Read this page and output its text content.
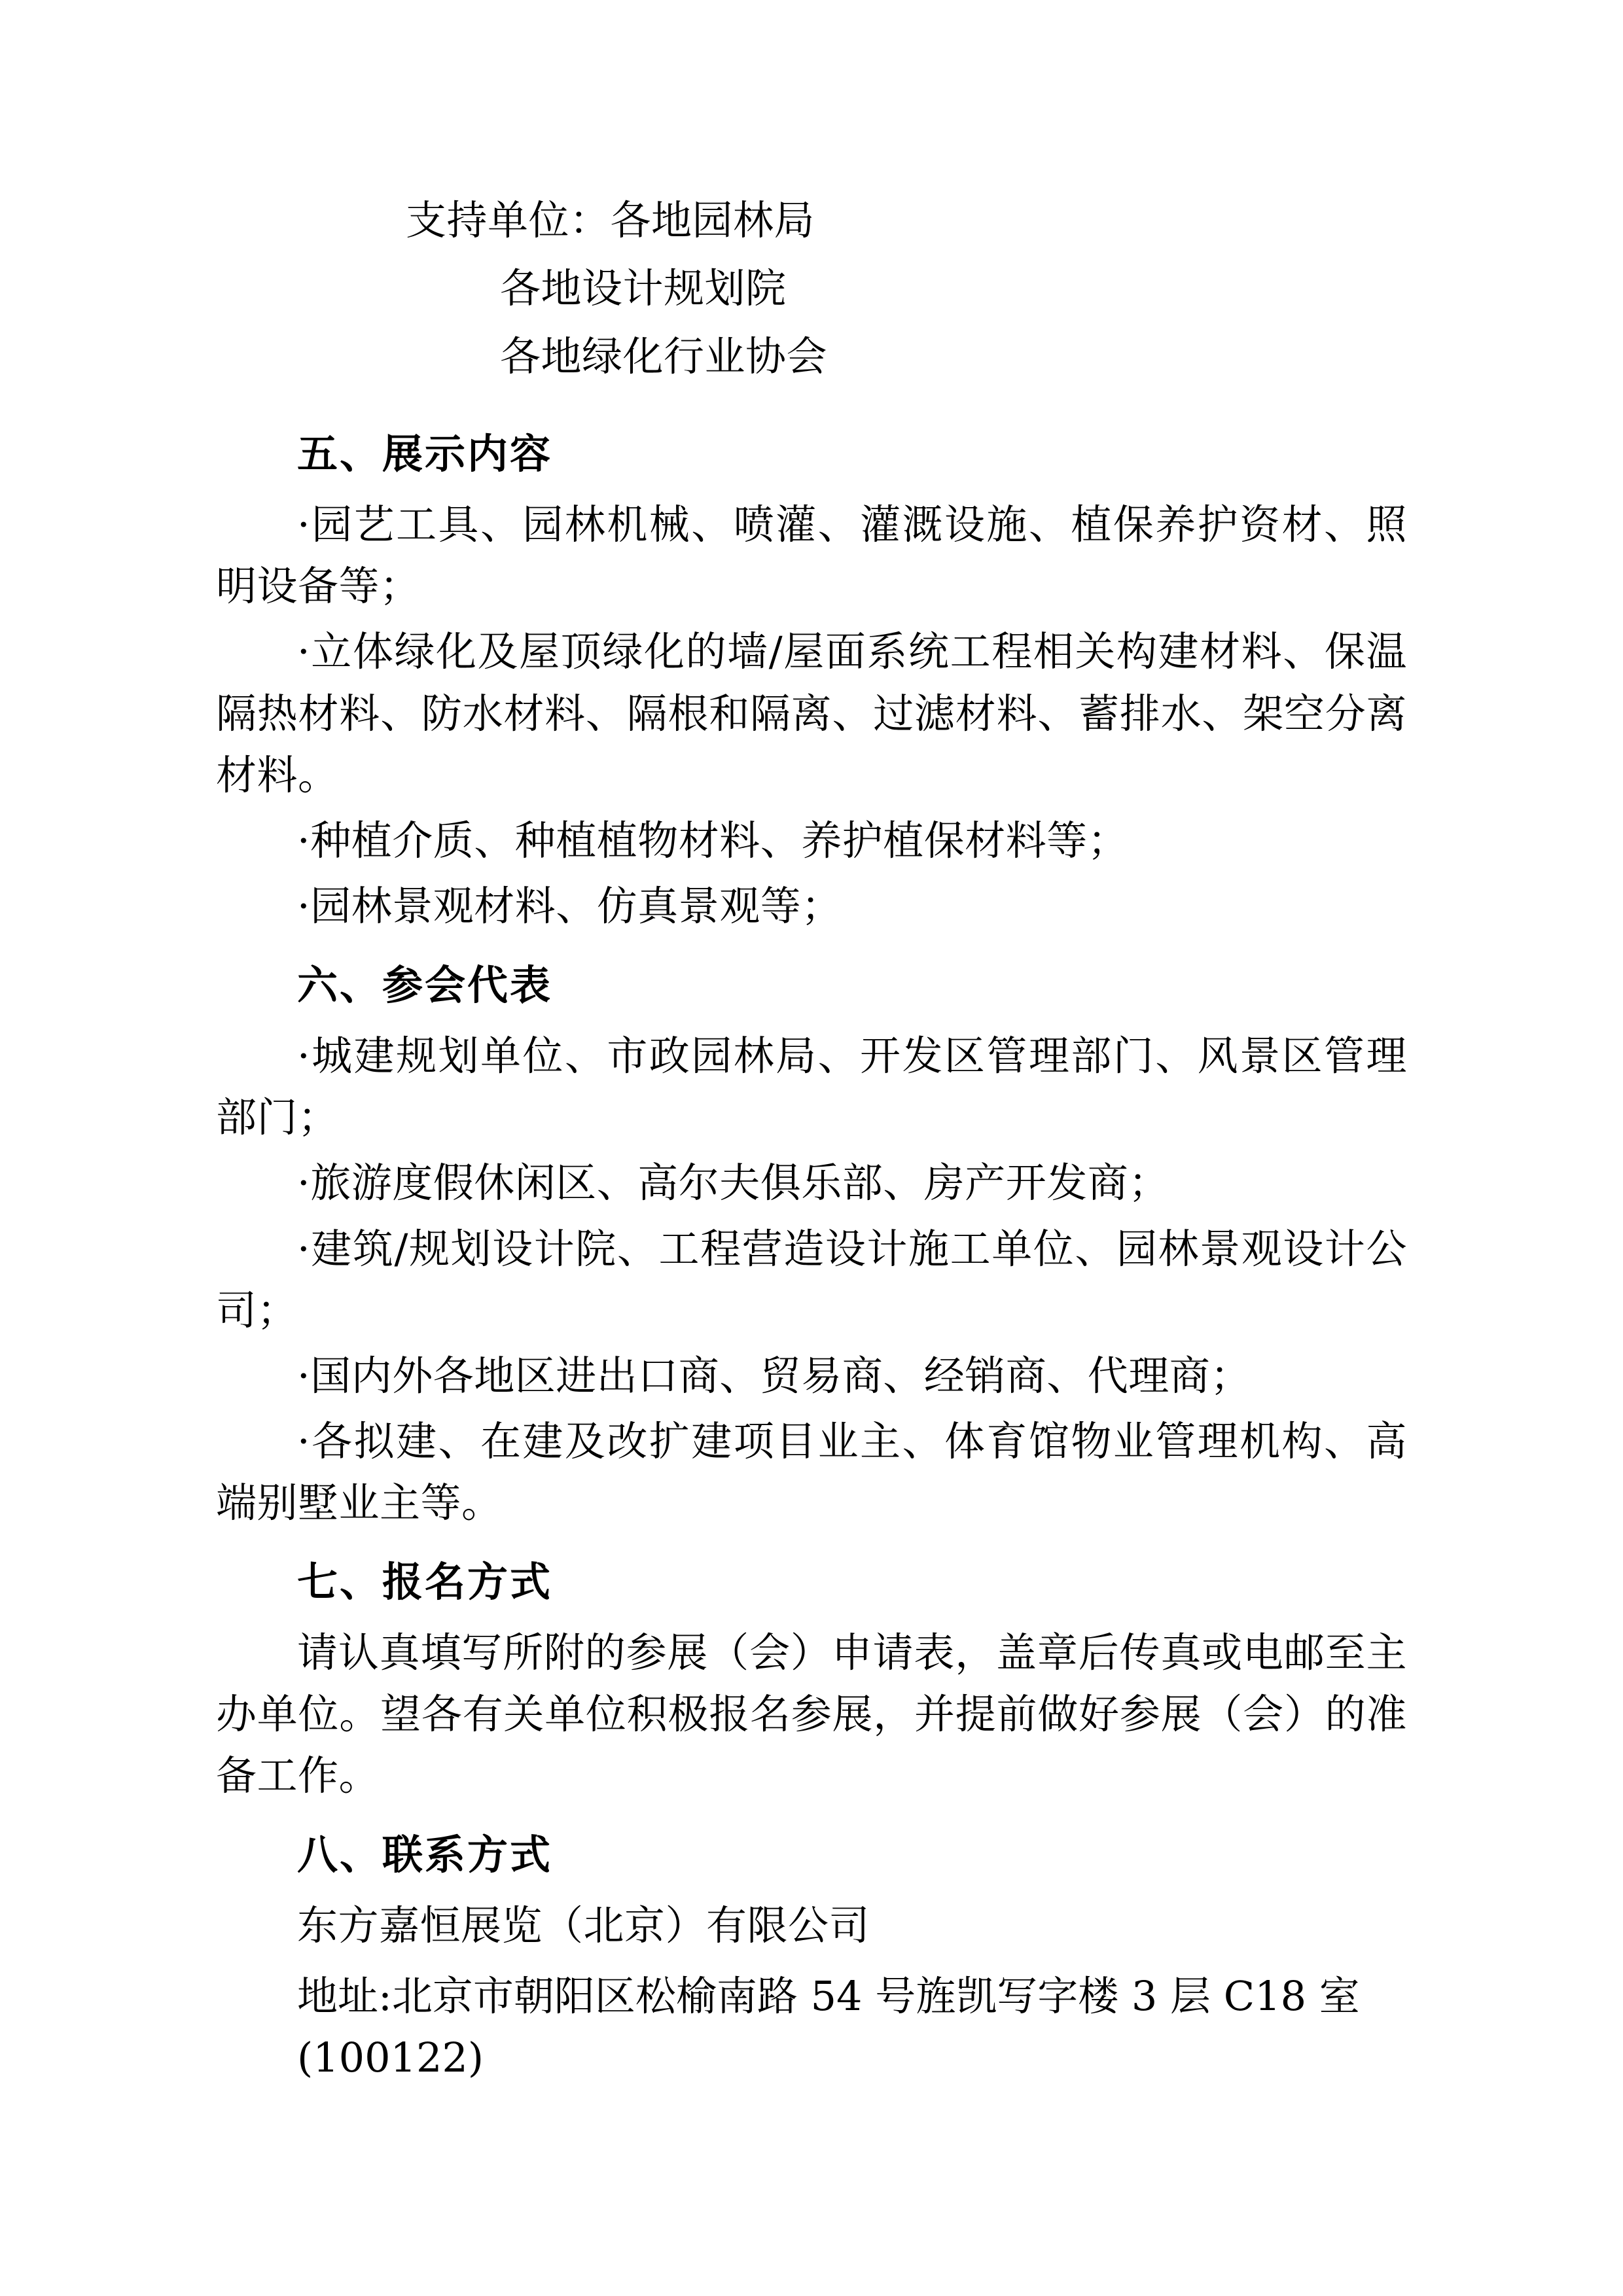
支持单位：各地园林局
各地设计规划院
各地绿化行业协会
五、展示内容
·园艺工具、园林机械、喷灌、灌溉设施、植保养护资材、照明设备等；
·立体绿化及屋顶绿化的墙/屋面系统工程相关构建材料、保温隔热材料、防水材料、隔根和隔离、过滤材料、蓄排水、架空分离材料。
·种植介质、种植植物材料、养护植保材料等；
·园林景观材料、仿真景观等；
六、参会代表
·城建规划单位、市政园林局、开发区管理部门、风景区管理部门；
·旅游度假休闲区、高尔夫俱乐部、房产开发商；
·建筑/规划设计院、工程营造设计施工单位、园林景观设计公司；
·国内外各地区进出口商、贸易商、经销商、代理商；
·各拟建、在建及改扩建项目业主、体育馆物业管理机构、高端别墅业主等。
七、报名方式
请认真填写所附的参展（会）申请表，盖章后传真或电邮至主办单位。望各有关单位积极报名参展，并提前做好参展（会）的准备工作。
八、联系方式
东方嘉恒展览（北京）有限公司
地址:北京市朝阳区松榆南路 54 号旌凯写字楼 3 层 C18 室(100122)
